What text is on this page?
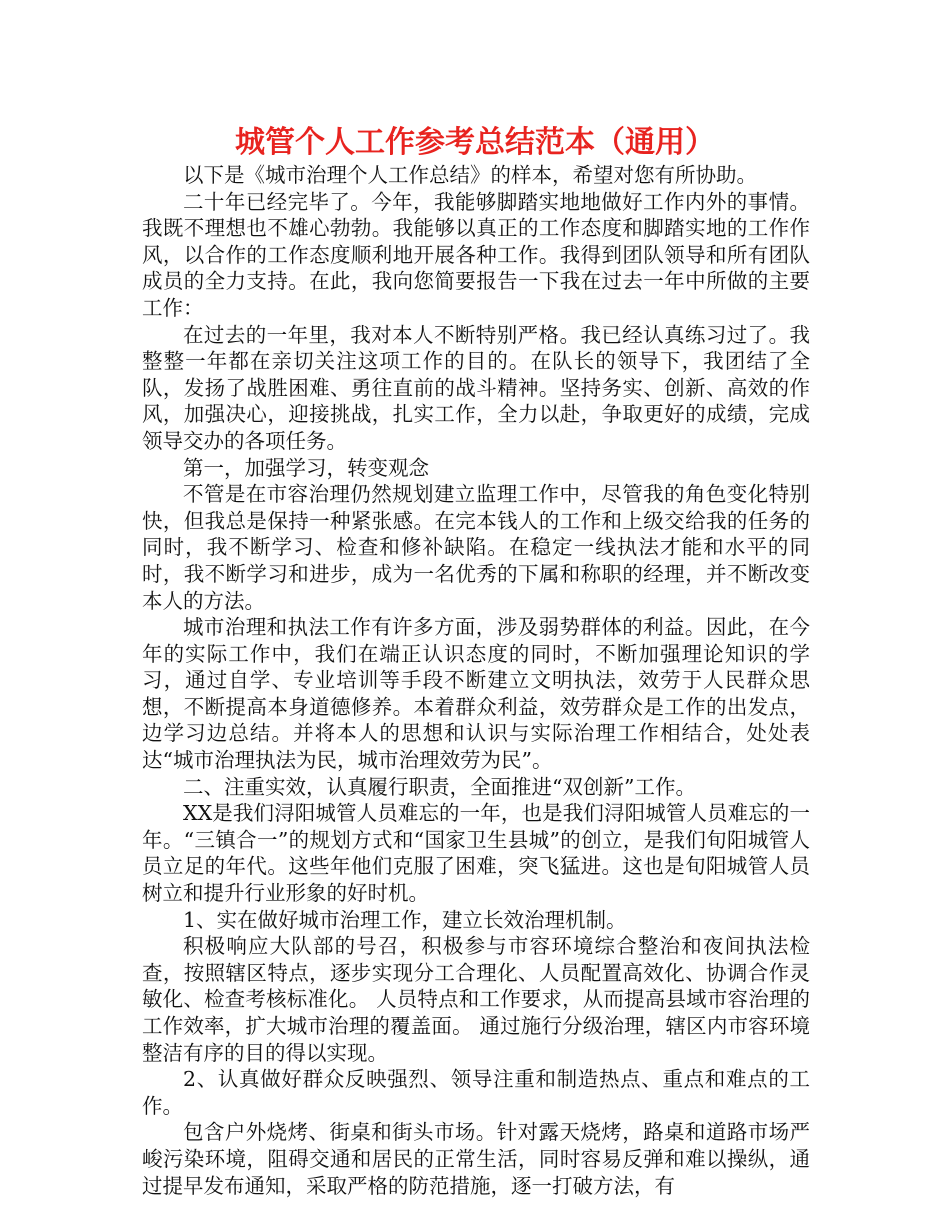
城管个人工作参考总结范本（通用）

以下是《城市治理个人工作总结》的样本，希望对您有所协助。

二十年已经完毕了。今年，我能够脚踏实地地做好工作内外的事情。我既不理想也不雄心勃勃。我能够以真正的工作态度和脚踏实地的工作作风，以合作的工作态度顺利地开展各种工作。我得到团队领导和所有团队成员的全力支持。在此，我向您简要报告一下我在过去一年中所做的主要工作：

在过去的一年里，我对本人不断特别严格。我已经认真练习过了。我整整一年都在亲切关注这项工作的目的。在队长的领导下，我团结了全队，发扬了战胜困难、勇往直前的战斗精神。坚持务实、创新、高效的作风，加强决心，迎接挑战，扎实工作，全力以赴，争取更好的成绩，完成领导交办的各项任务。

第一，加强学习，转变观念

不管是在市容治理仍然规划建立监理工作中，尽管我的角色变化特别快，但我总是保持一种紧张感。在完本钱人的工作和上级交给我的任务的同时，我不断学习、检查和修补缺陷。在稳定一线执法才能和水平的同时，我不断学习和进步，成为一名优秀的下属和称职的经理，并不断改变本人的方法。

城市治理和执法工作有许多方面，涉及弱势群体的利益。因此，在今年的实际工作中，我们在端正认识态度的同时，不断加强理论知识的学习，通过自学、专业培训等手段不断建立文明执法，效劳于人民群众思想，不断提高本身道德修养。本着群众利益，效劳群众是工作的出发点，边学习边总结。并将本人的思想和认识与实际治理工作相结合，处处表达“城市治理执法为民，城市治理效劳为民”。

二、注重实效，认真履行职责，全面推进“双创新”工作。

XX是我们浔阳城管人员难忘的一年，也是我们浔阳城管人员难忘的一年。“三镇合一”的规划方式和“国家卫生县城”的创立，是我们旬阳城管人员立足的年代。这些年他们克服了困难，突飞猛进。这也是旬阳城管人员树立和提升行业形象的好时机。

1、实在做好城市治理工作，建立长效治理机制。

积极响应大队部的号召，积极参与市容环境综合整治和夜间执法检查，按照辖区特点，逐步实现分工合理化、人员配置高效化、协调合作灵敏化、检查考核标准化。 人员特点和工作要求，从而提高县域市容治理的工作效率，扩大城市治理的覆盖面。 通过施行分级治理，辖区内市容环境整洁有序的目的得以实现。

2、认真做好群众反映强烈、领导注重和制造热点、重点和难点的工作。

包含户外烧烤、街桌和街头市场。针对露天烧烤，路桌和道路市场严峻污染环境，阻碍交通和居民的正常生活，同时容易反弹和难以操纵，通过提早发布通知，采取严格的防范措施，逐一打破方法，有
